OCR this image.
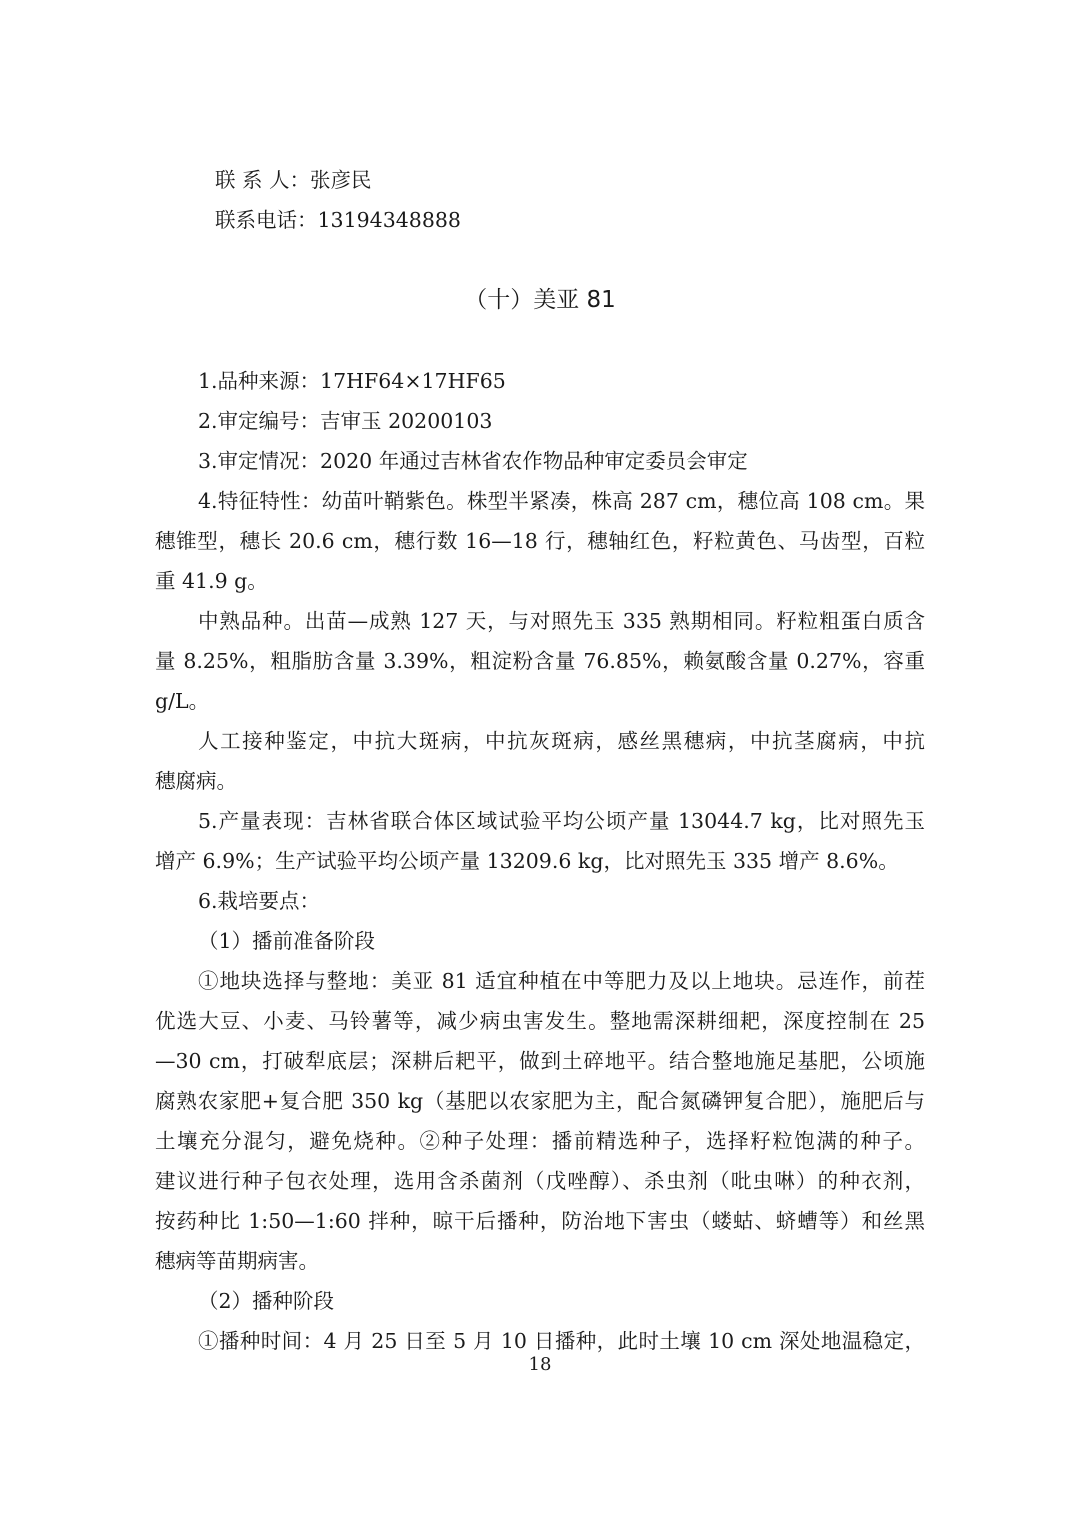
联 系 人：张彦民
联系电话：13194348888
（十）美亚 81
1.品种来源：17HF64×17HF65
2.审定编号：吉审玉 20200103
3.审定情况：2020 年通过吉林省农作物品种审定委员会审定
4.特征特性：幼苗叶鞘紫色。株型半紧凑，株高 287 cm，穗位高 108 cm。果
穗锥型，穗长 20.6 cm，穗行数 16—18 行，穗轴红色，籽粒黄色、马齿型，百粒
重 41.9 g。
中熟品种。出苗—成熟 127 天，与对照先玉 335 熟期相同。籽粒粗蛋白质含
量 8.25%，粗脂肪含量 3.39%，粗淀粉含量 76.85%，赖氨酸含量 0.27%，容重
g/L。
人工接种鉴定，中抗大斑病，中抗灰斑病，感丝黑穗病，中抗茎腐病，中抗
穗腐病。
5.产量表现：吉林省联合体区域试验平均公顷产量 13044.7 kg，比对照先玉
增产 6.9%；生产试验平均公顷产量 13209.6 kg，比对照先玉 335 增产 8.6%。
6.栽培要点：
（1）播前准备阶段
①地块选择与整地：美亚 81 适宜种植在中等肥力及以上地块。忌连作，前茬
优选大豆、小麦、马铃薯等，减少病虫害发生。整地需深耕细耙，深度控制在 25
—30 cm，打破犁底层；深耕后耙平，做到土碎地平。结合整地施足基肥，公顷施
腐熟农家肥+复合肥 350 kg（基肥以农家肥为主，配合氮磷钾复合肥），施肥后与
土壤充分混匀，避免烧种。②种子处理：播前精选种子，选择籽粒饱满的种子。
建议进行种子包衣处理，选用含杀菌剂（戊唑醇）、杀虫剂（吡虫啉）的种衣剂，
按药种比 1:50—1:60 拌种，晾干后播种，防治地下害虫（蝼蛄、蛴螬等）和丝黑
穗病等苗期病害。
（2）播种阶段
①播种时间：4 月 25 日至 5 月 10 日播种，此时土壤 10 cm 深处地温稳定，
18
